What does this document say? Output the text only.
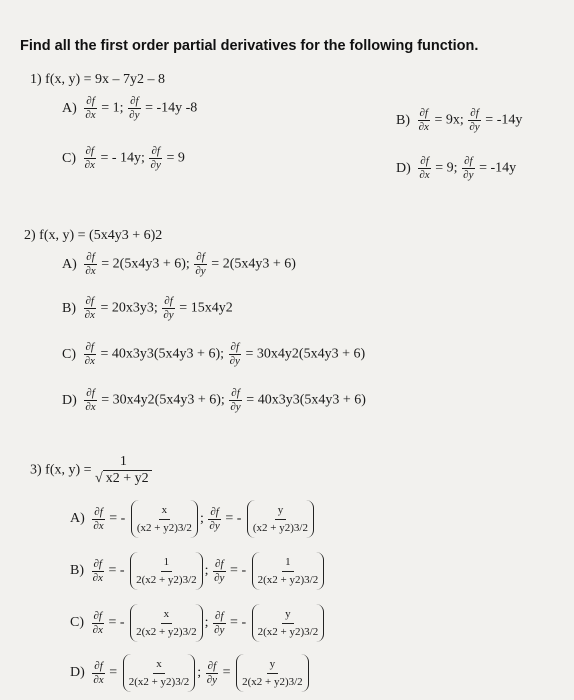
Find all the first order partial derivatives for the following function.
1) f(x, y) = 9x – 7y2 – 8
$A) \frac{\partial f}{\partial x} = 1$; $\frac{\partial f}{\partial y} = -14y$ -8
$B) \frac{\partial f}{\partial x} = 9x$; $\frac{\partial f}{\partial y} = -14y$
$C) \frac{\partial f}{\partial x}$ = - 14y; $\frac{\partial f}{\partial y} = 9$
$D) \frac{\partial f}{\partial x} = 9$; $\frac{\partial f}{\partial y} = -14y$
2) f(x, y) = (5x4y3 + 6)2
$A) \frac{\partial f}{\partial x} = 2(5x4y3 + 6)$; $\frac{\partial f}{\partial y} = 2(5x4y3 + 6)$
$B) \frac{\partial f}{\partial x} = 20x3y3$; $\frac{\partial f}{\partial y} = 15x4y2$
$C) \frac{\partial f}{\partial x} = 40x3y3(5x4y3 + 6)$; $\frac{\partial f}{\partial y} = 30x4y2(5x4y3 + 6)$
$D) \frac{\partial f}{\partial x} = 30x4y2(5x4y3 + 6)$; $\frac{\partial f}{\partial y} = 40x3y3(5x4y3 + 6)$
3) f(x, $y) = \frac{1}{√ x2 + y2}$
$A) \frac{\partial f}{\partial x}$ = - $\frac{x}{(x2 + y2)3/2}$ ; $\frac{\partial f}{\partial y}$ = - $\frac{y}{(x2 + y2)3/2}$
$B) \frac{\partial f}{\partial x}$ = - $\frac{1}{2(x2 + y2)3/2}$ ; $\frac{\partial f}{\partial y}$ = - $\frac{1}{2(x2 + y2)3/2}$
$C) \frac{\partial f}{\partial x}$ = - $\frac{x}{2(x2 + y2)3/2}$ ; $\frac{\partial f}{\partial y}$ = - $\frac{y}{2(x2 + y2)3/2}$
$D) \frac{\partial f}{\partial x} = \frac{x}{2(x2 + y2)3/2}$ ; $\frac{\partial f}{\partial y} = \frac{y}{2(x2 + y2)3/2}$
